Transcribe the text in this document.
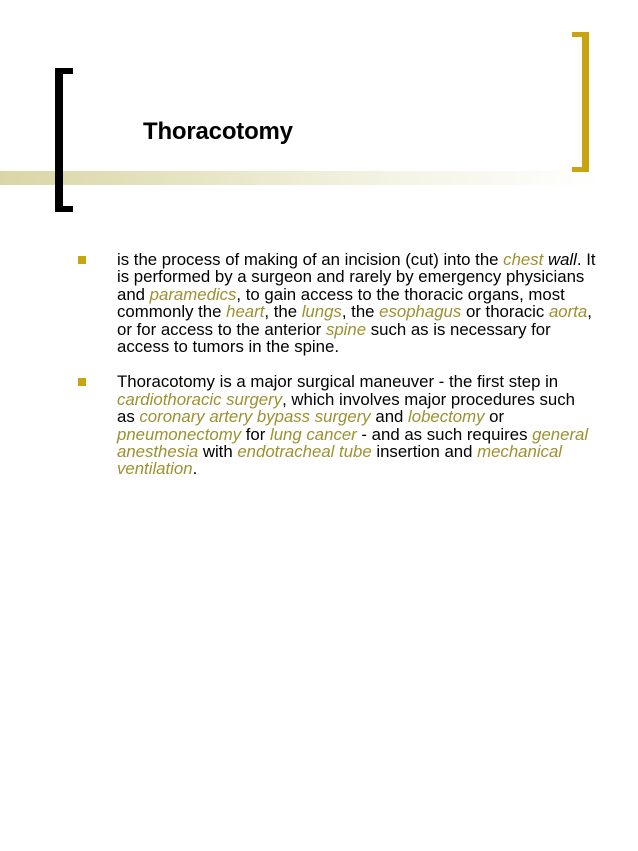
Thoracotomy

is the process of making of an incision (cut) into the chest wall. It is performed by a surgeon and rarely by emergency physicians and paramedics, to gain access to the thoracic organs, most commonly the heart, the lungs, the esophagus or thoracic aorta, or for access to the anterior spine such as is necessary for access to tumors in the spine.

Thoracotomy is a major surgical maneuver - the first step in cardiothoracic surgery, which involves major procedures such as coronary artery bypass surgery and lobectomy or pneumonectomy for lung cancer - and as such requires general anesthesia with endotracheal tube insertion and mechanical ventilation.
